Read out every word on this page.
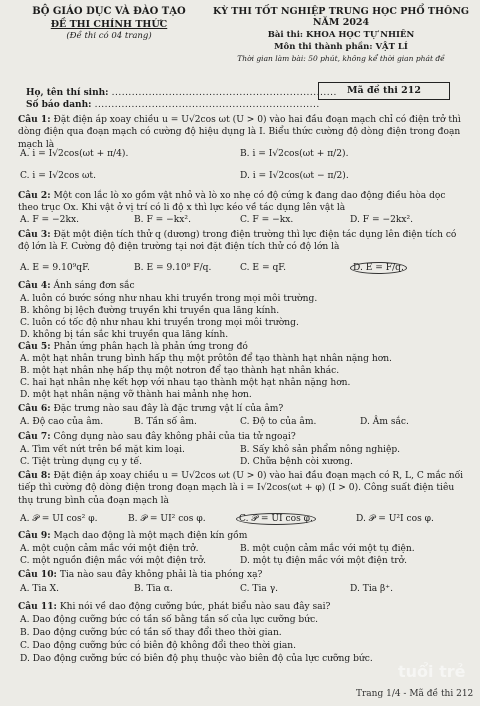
BỘ GIÁO DỤC VÀ ĐÀO TẠO
ĐỀ THI CHÍNH THỨC
(Đề thi có 04 trang)
KỲ THI TỐT NGHIỆP TRUNG HỌC PHỔ THÔNG NĂM 2024
Bài thi: KHOA HỌC TỰ NHIÊN
Môn thi thành phần: VẬT LÍ
Thời gian làm bài: 50 phút, không kể thời gian phát đề
Họ, tên thí sinh: ...................................................................
Số báo danh: ...................................................................
Mã đề thi 212
Câu 1: Đặt điện áp xoay chiều u = U√2cos ωt (U > 0) vào hai đầu đoạn mạch chỉ có điện trở thì dòng điện qua đoạn mạch có cường độ hiệu dụng là I. Biểu thức cường độ dòng điện trong đoạn mạch là
A. i = I√2cos(ωt + π/4).	B. i = I√2cos(ωt + π/2).
C. i = I√2cos ωt.	D. i = I√2cos(ωt − π/2).
Câu 2: Một con lắc lò xo gồm vật nhỏ và lò xo nhẹ có độ cứng k đang dao động điều hòa dọc theo trục Ox. Khi vật ở vị trí có li độ x thì lực kéo về tác dụng lên vật là
A. F = −2kx.	B. F = −kx².	C. F = −kx.	D. F = −2kx².
Câu 3: Đặt một điện tích thử q (dương) trong điện trường thì lực điện tác dụng lên điện tích có độ lớn là F. Cường độ điện trường tại nơi đặt điện tích thử có độ lớn là
A. E = 9.10⁹qF.	B. E = 9.10⁹ F/q.	C. E = qF.	D. E = F/q.
Câu 4: Ánh sáng đơn sắc
A. luôn có bước sóng như nhau khi truyền trong mọi môi trường.
B. không bị lệch đường truyền khi truyền qua lăng kính.
C. luôn có tốc độ như nhau khi truyền trong mọi môi trường.
D. không bị tán sắc khi truyền qua lăng kính.
Câu 5: Phản ứng phân hạch là phản ứng trong đó
A. một hạt nhân trung bình hấp thụ một prôtôn để tạo thành hạt nhân nặng hơn.
B. một hạt nhân nhẹ hấp thụ một nơtron để tạo thành hạt nhân khác.
C. hai hạt nhân nhẹ kết hợp với nhau tạo thành một hạt nhân nặng hơn.
D. một hạt nhân nặng vỡ thành hai mảnh nhẹ hơn.
Câu 6: Đặc trưng nào sau đây là đặc trưng vật lí của âm?
A. Độ cao của âm.	B. Tần số âm.	C. Độ to của âm.	D. Âm sắc.
Câu 7: Công dụng nào sau đây không phải của tia tử ngoại?
A. Tìm vết nứt trên bề mặt kim loại.	B. Sấy khô sản phẩm nông nghiệp.
C. Tiệt trùng dụng cụ y tế.	D. Chữa bệnh còi xương.
Câu 8: Đặt điện áp xoay chiều u = U√2cos ωt (U > 0) vào hai đầu đoạn mạch có R, L, C mắc nối tiếp thì cường độ dòng điện trong đoạn mạch là i = I√2cos(ωt + φ) (I > 0). Công suất điện tiêu thụ trung bình của đoạn mạch là
A. 𝒫 = UI cos² φ.	B. 𝒫 = UI² cos φ.	C. 𝒫 = UI cos φ.	D. 𝒫 = U²I cos φ.
Câu 9: Mạch dao động là một mạch điện kín gồm
A. một cuộn cảm mắc với một điện trở.	B. một cuộn cảm mắc với một tụ điện.
C. một nguồn điện mắc với một điện trở.	D. một tụ điện mắc với một điện trở.
Câu 10: Tia nào sau đây không phải là tia phóng xạ?
A. Tia X.	B. Tia α.	C. Tia γ.	D. Tia β⁺.
Câu 11: Khi nói về dao động cưỡng bức, phát biểu nào sau đây sai?
A. Dao động cưỡng bức có tần số bằng tần số của lực cưỡng bức.
B. Dao động cưỡng bức có tần số thay đổi theo thời gian.
C. Dao động cưỡng bức có biên độ không đổi theo thời gian.
D. Dao động cưỡng bức có biên độ phụ thuộc vào biên độ của lực cưỡng bức.
tuổi trẻ
Trang 1/4 - Mã đề thi 212
